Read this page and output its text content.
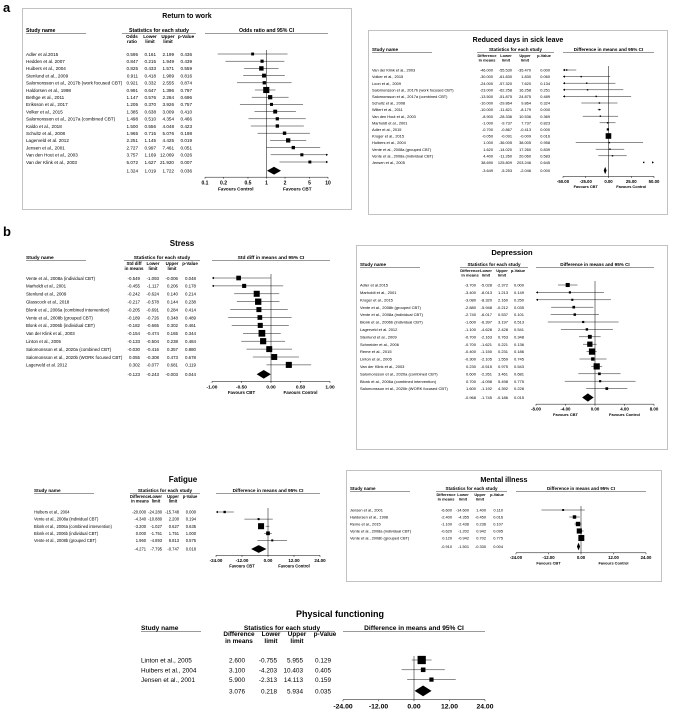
a
b
Return to work
Study name	Statistics for each study	Odds ratio and 95% CI
Odds ratio
Lower limit
Upper limit
p-Value
Adler et al.2015	0.595 0.161 2.199 0.436
Hedden et al. 2007	0.847 0.215 1.949 0.439
Huibers et al., 2004	0.825 0.433 1.571 0.559
Stenlund et al., 2009	0.911 0.418 1.989 0.816
Salomonsson et al., 2017b (work focused CBT) 0.921 0.332 2.555 0.874
Haldorsen et al., 1998	0.991 0.647 1.396 0.797
Bethge et al., 2011	1.147 0.576 2.284 0.696
Eriksson et al., 2017	1.205 0.370 3.926 0.757
Volker et al., 2015	1.385 0.638 3.009 0.410
Salomonsson et al., 2017a (combined CBT) 1.498 0.510 4.354 0.466
Kaldo et al., 2018	1.500 0.556 4.048 0.423
Schultz et al., 2008	1.965 0.715 5.076 0.198
Lagerveld et al. 2012	2.251 1.145 4.425 0.019
Jensen et al., 2001	2.727 0.997 7.461 0.051
Van den Hout et al., 2003	3.757 1.169 12.069 0.026
Van der Klink et al., 2003	5.072 1.627 21.920 0.007
1.324 1.019 1.722 0.036
0.1 0.2	0.5	1	2	5	10
Favours Control	Favours CBT
Reduced days in sick leave
Study name	Statistics for each study	Difference in means and 95% CI
Difference in means
Lower limit
Upper limit
p-Value
Van der Klink et al., 2003	-46.000 -55.530 -35.470 0.000
Volker et al., 2015	-30.000 -61.830 1.830 0.060
Loon et al., 2009	-24.000 -57.320 7.620 0.134
Salomonsson et al., 2017b (work focused CBT)	-23.000 -62.258 16.258 0.251
Salomonsson et al., 2017a (combined CBT)	-13.500 -51.875 24.875 0.489
Schultz et al., 2008	-10.000 -29.864 9.864 0.324
Willert et al., 2011	-10.000 -11.821 -8.179 0.000
Van den Hout et al., 2003	-8.900 -28.336 10.536 0.369
Marholdt et al., 2001	-1.000 -9.737 7.737 0.823
Adler et al., 2015	-0.700 -0.867 -0.413 0.000
Kroger et al., 2015	-0.050 -0.091 -0.009 0.016
Huibers et al., 2004	1.000 -36.005 38.005 0.958
Vente et al., 2008a (grouped CBT)	1.620 -14.020 17.260 0.839
Vente et al., 2008a (individual CBT)	4.400 -11.260 20.060 0.583
Jensen et al., 2005	38.690 125.809 203.246 0.645
-3.649 -5.253 -2.046 0.000
-50.00 -25.00	0.00	25.00	50.00
Favours CBT	Favours Control
Stress
Study name	Statistics for each study	Std diff in means and 95% CI
Std diff in means
Lower limit
Upper limit
p-Value
Vente et al., 2008a (individual CBT)	-0.549 -1.093 -0.006 0.048
Marholdt et al., 2001	-0.455 -1.117 0.206 0.178
Stenlund et al., 2009	-0.242 -0.624 0.140 0.214
Glasscock et al., 2018	-0.217 -0.578 0.144 0.238
Blonk et al., 2006a (combined intervention)	-0.205 -0.691 0.284 0.414
Vente et al., 2008b (grouped CBT)	-0.189 -0.726 0.348 0.489
Blonk et al., 2006b (individual CBT)	-0.182 -0.665 0.302 0.461
Van der Klink et al., 2003	-0.154 -0.474 0.165 0.344
Linton et al., 2005	-0.133 -0.504 0.238 0.484
Salomonsson et al., 2020a (combined CBT)	-0.030 -0.416 0.357 0.880
Salomonsson et al., 2020b (WORK focused CBT) 0.055 -0.308 0.473 0.678
Lagerveld et al. 2012	0.302 -0.077 0.681 0.119
-0.123 -0.243 -0.003 0.044
-1.00	-0.50	0.00	0.50	1.00
Favours CBT	Favours Control
Depression
Study name	Statistics for each study	Difference in means and 95% CI
Difference in means
Lower limit
Upper limit
p-Value
Adler et al.2015	-3.700 -5.028 -2.372 0.000
Marholdt et al., 2001	-3.400 -8.013 1.213 0.149
Kroger et al., 2015	-3.080 -8.320 2.160 0.250
Vente et al., 2008b (grouped CBT)	-2.880 -5.948 -0.212 0.035
Vente et al., 2008a (individual CBT)	-2.740 -6.017 0.537 0.101
Blonk et al., 2006b (individual CBT)	-1.600 -6.397 3.197 0.513
Lagerveld et al. 2012	-1.100 -4.628 2.428 0.541
Stenlund et al., 2009	-0.700 -2.163 0.763 0.348
Schneider et al., 2006	-0.700 -1.621 0.221 0.136
Reme et al., 2015	-0.400 -1.150 0.231 0.186
Linton et al., 2005	-0.300 -2.105 1.559 0.745
Van der Klink et al., 2003	0.230 -0.515 0.975 0.543
Salomonsson et al., 2020a (combined CBT)	0.600 -2.261 3.461 0.681
Blonk et al., 2006a (combined intervention)	0.700 -4.098 5.498 0.775
Salomonsson et al., 2020b (WORK focused CBT)	1.600 -1.192 4.392 0.228
-0.968 -1.745 -0.186 0.015
-8.00	-4.00	0.00	4.00	8.00
Favours CBT	Favours Control
Fatigue
Study name	Statistics for each study	Difference in means and 95% CI
Difference in means
Lower limit
Upper limit
p-Value
Huibers et al., 2004	-20.000 -24.280 -15.748 0.000
Vente et al., 2008a (individual CBT)	-4.340 -10.880 2.200 0.194
Blonk et al., 2006a (combined intervention)	-3.200 -1.027 0.627 0.635
Blonk et al., 2006b (individual CBT)	0.000 -1.751 1.751 1.000
Vente et al., 2008b (grouped CBT)	1.960 -4.893 8.813 0.575
-4.271 -7.795 -0.747 0.018
-24.00	-12.00	0.00	12.00	24.00
Favours CBT	Favours Control
Mental illness
Study name	Statistics for each study	Difference in means and 95% CI
Difference in means
Lower limit
Upper limit
p-Value
Jensen et al., 2001	-6.600 -14.600 1.400 0.110
Haldorsen et al., 1998	-2.400 -4.355 -0.450 0.016
Reme et al., 2015	-1.100 -2.436 0.236 0.107
Vente et al., 2008a (individual CBT)	-0.620 -1.202 0.942 0.095
Vente et al., 2008b (grouped CBT)	0.120 -0.942 0.702 0.775
-0.910 -1.501 -0.330 0.004
-24.00	-12.00	0.00	12.00	24.00
Favours CBT	Favours Control
Physical functioning
Study name	Statistics for each study	Difference in means and 95% CI
Difference in means
Lower limit
Upper limit
p-Value
Linton et al., 2005	2.600 -0.755 5.955 0.129
Huibers et al., 2004	3.100 -4.203 10.403 0.405
Jensen et al., 2001	5.900 -2.313 14.113 0.159
3.076	0.218 5.934 0.035
-24.00 -12.00	0.00	12.00	24.00
